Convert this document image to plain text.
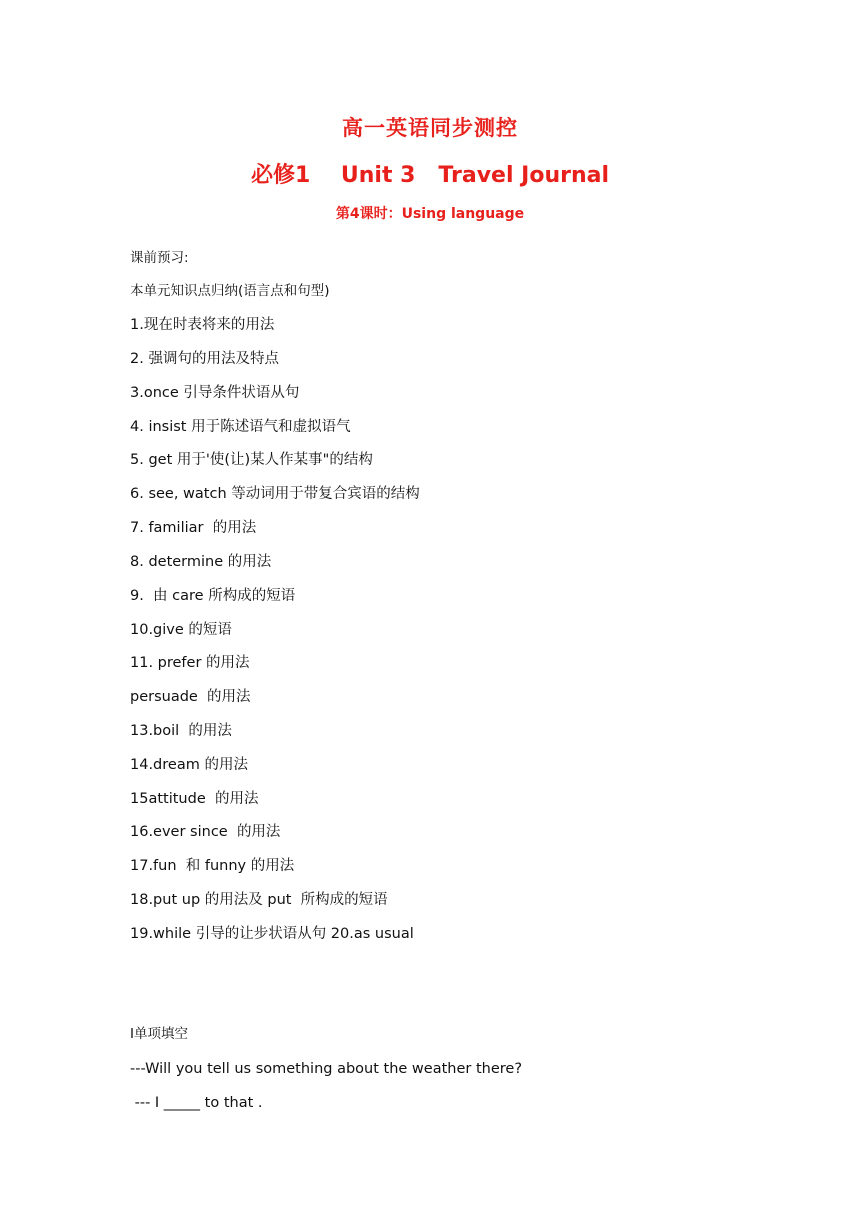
高一英语同步测控
必修1    Unit 3   Travel Journal
第4课时：Using language
课前预习:
本单元知识点归纳(语言点和句型)
1.现在时表将来的用法
2. 强调句的用法及特点
3.once 引导条件状语从句
4. insist 用于陈述语气和虚拟语气
5. get 用于'使(让)某人作某事"的结构
6. see, watch 等动词用于带复合宾语的结构
7. familiar  的用法
8. determine 的用法
9.  由 care 所构成的短语
10.give 的短语
11. prefer 的用法
persuade  的用法
13.boil  的用法
14.dream 的用法
15attitude  的用法
16.ever since  的用法
17.fun  和 funny 的用法
18.put up 的用法及 put  所构成的短语
19.while 引导的让步状语从句 20.as usual
Ⅰ单项填空
---Will you tell us something about the weather there?
--- I _____ to that .
